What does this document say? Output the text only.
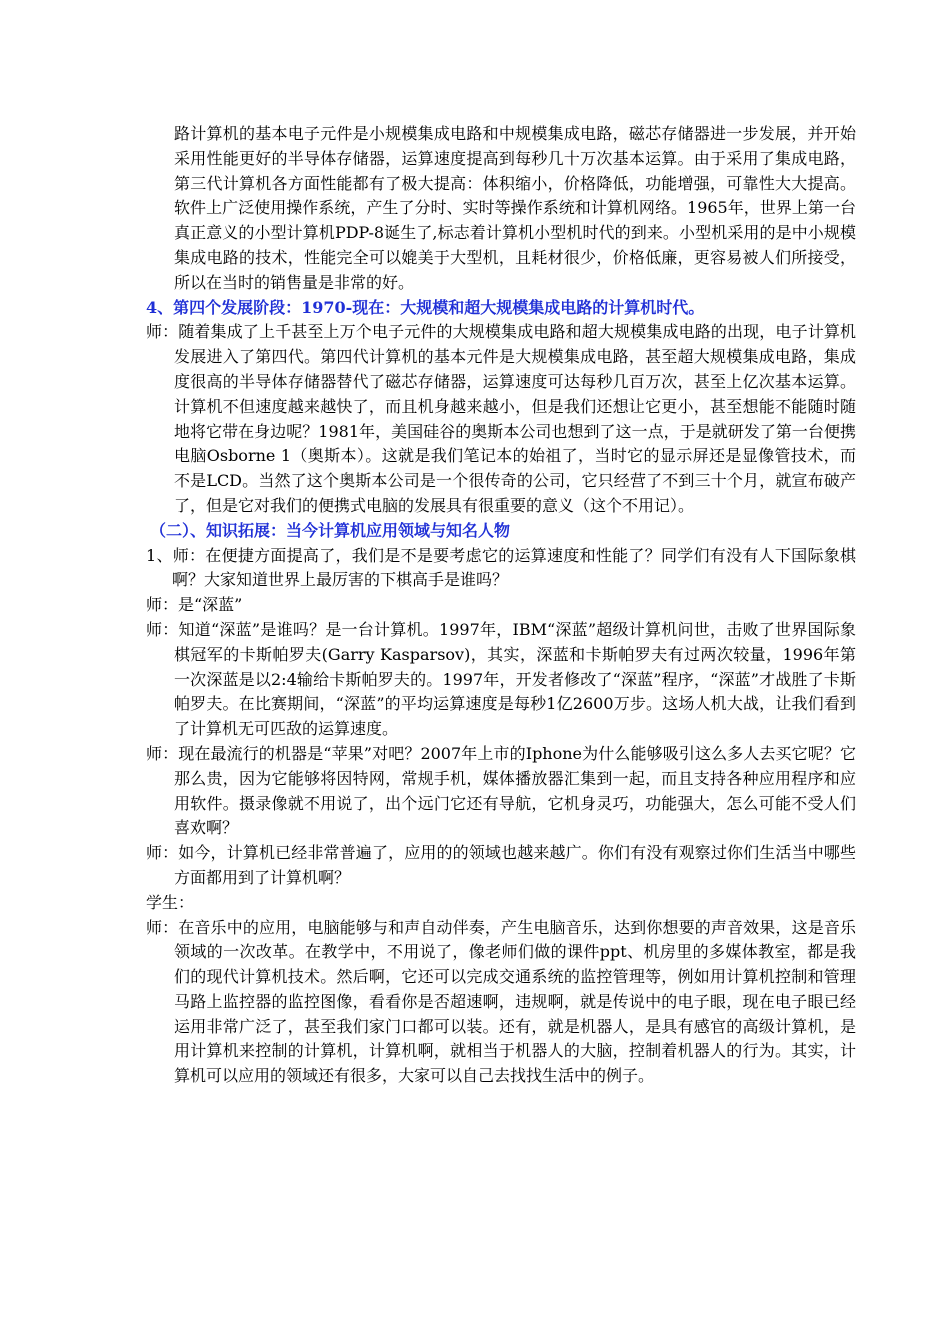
路计算机的基本电子元件是小规模集成电路和中规模集成电路，磁芯存储器进一步发展，并开始采用性能更好的半导体存储器，运算速度提高到每秒几十万次基本运算。由于采用了集成电路，第三代计算机各方面性能都有了极大提高：体积缩小，价格降低，功能增强，可靠性大大提高。软件上广泛使用操作系统，产生了分时、实时等操作系统和计算机网络。1965年，世界上第一台真正意义的小型计算机PDP-8诞生了,标志着计算机小型机时代的到来。小型机采用的是中小规模集成电路的技术，性能完全可以媲美于大型机，且耗材很少，价格低廉，更容易被人们所接受，所以在当时的销售量是非常的好。

4、第四个发展阶段：1970-现在：大规模和超大规模集成电路的计算机时代。

师：随着集成了上千甚至上万个电子元件的大规模集成电路和超大规模集成电路的出现，电子计算机发展进入了第四代。第四代计算机的基本元件是大规模集成电路，甚至超大规模集成电路，集成度很高的半导体存储器替代了磁芯存储器，运算速度可达每秒几百万次，甚至上亿次基本运算。计算机不但速度越来越快了，而且机身越来越小，但是我们还想让它更小，甚至想能不能随时随地将它带在身边呢？1981年，美国硅谷的奥斯本公司也想到了这一点，于是就研发了第一台便携电脑Osborne 1（奥斯本）。这就是我们笔记本的始祖了，当时它的显示屏还是显像管技术，而不是LCD。当然了这个奥斯本公司是一个很传奇的公司，它只经营了不到三十个月，就宣布破产了，但是它对我们的便携式电脑的发展具有很重要的意义（这个不用记）。

（二）、知识拓展：当今计算机应用领域与知名人物

1、师：在便捷方面提高了，我们是不是要考虑它的运算速度和性能了？同学们有没有人下国际象棋啊？大家知道世界上最厉害的下棋高手是谁吗？

师：是“深蓝”

师：知道“深蓝”是谁吗？是一台计算机。1997年，IBM“深蓝”超级计算机问世，击败了世界国际象棋冠军的卡斯帕罗夫(Garry Kasparsov)，其实，深蓝和卡斯帕罗夫有过两次较量，1996年第一次深蓝是以2:4输给卡斯帕罗夫的。1997年，开发者修改了“深蓝”程序，“深蓝”才战胜了卡斯帕罗夫。在比赛期间，“深蓝”的平均运算速度是每秒1亿2600万步。这场人机大战，让我们看到了计算机无可匹敌的运算速度。

师：现在最流行的机器是“苹果”对吧？2007年上市的Iphone为什么能够吸引这么多人去买它呢？它那么贵，因为它能够将因特网，常规手机，媒体播放器汇集到一起，而且支持各种应用程序和应用软件。摄录像就不用说了，出个远门它还有导航，它机身灵巧，功能强大，怎么可能不受人们喜欢啊？

师：如今，计算机已经非常普遍了，应用的的领域也越来越广。你们有没有观察过你们生活当中哪些方面都用到了计算机啊？

学生：

师：在音乐中的应用，电脑能够与和声自动伴奏，产生电脑音乐，达到你想要的声音效果，这是音乐领域的一次改革。在教学中，不用说了，像老师们做的课件ppt、机房里的多媒体教室，都是我们的现代计算机技术。然后啊，它还可以完成交通系统的监控管理等，例如用计算机控制和管理马路上监控器的监控图像，看看你是否超速啊，违规啊，就是传说中的电子眼，现在电子眼已经运用非常广泛了，甚至我们家门口都可以装。还有，就是机器人，是具有感官的高级计算机，是用计算机来控制的计算机，计算机啊，就相当于机器人的大脑，控制着机器人的行为。其实，计算机可以应用的领域还有很多，大家可以自己去找找生活中的例子。
